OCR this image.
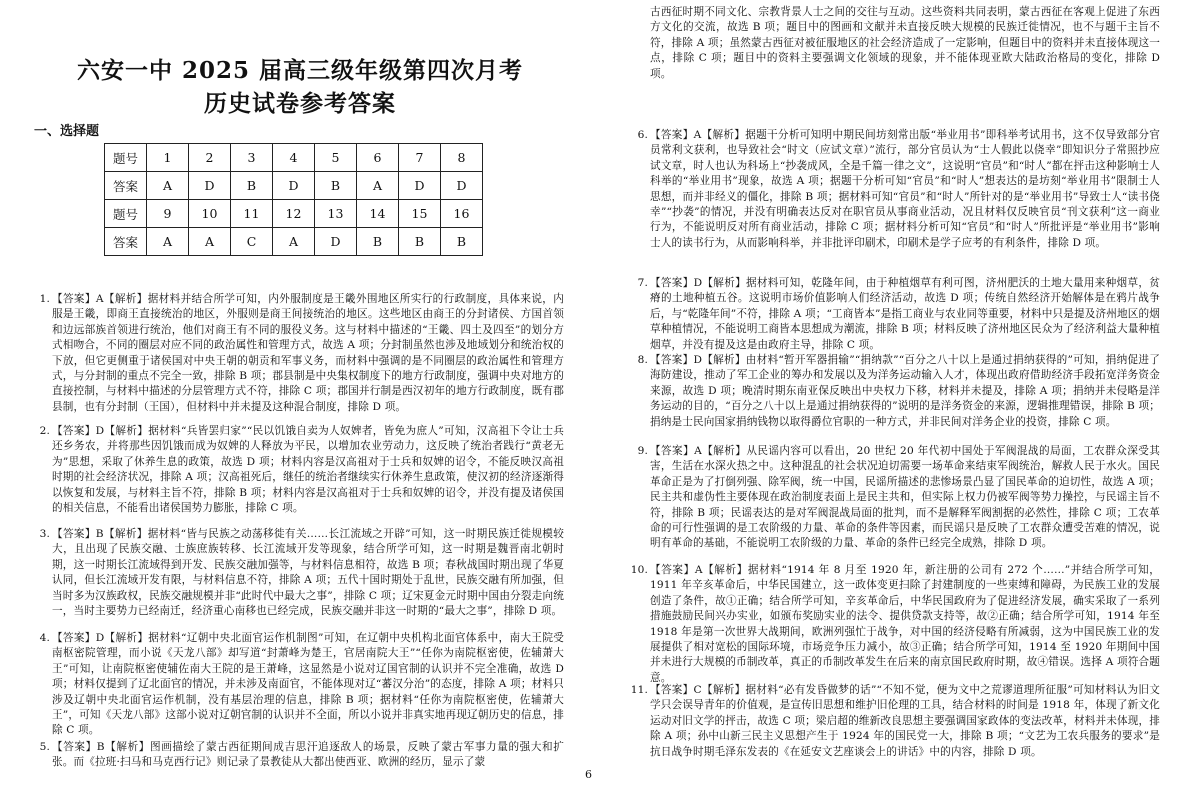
六安一中 2025 届高三级年级第四次月考
历史试卷参考答案
一、选择题
题号	1	2	3	4	5	6	7	8
答案	A	D	B	D	B	A	D	D
题号	9	10	11	12	13	14	15	16
答案	A	A	C	A	D	B	B	B
1. 【答案】A【解析】据材料并结合所学可知，内外服制度是王畿外围地区所实行的行政制度，具体来说，内服是王畿，即商王直接统治的地区，外服则是商王间接统治的地区。这些地区由商王的分封诸侯、方国首领和边远部族首领进行统治，他们对商王有不同的服役义务。这与材料中描述的“王畿、四土及四至”的划分方式相吻合，不同的圈层对应不同的政治属性和管理方式，故选 A 项；分封制虽然也涉及地域划分和统治权的下放，但它更侧重于诸侯国对中央王朝的朝贡和军事义务，而材料中强调的是不同圈层的政治属性和管理方式，与分封制的重点不完全一致，排除 B 项；郡县制是中央集权制度下的地方行政制度，强调中央对地方的直接控制，与材料中描述的分层管理方式不符，排除 C 项；郡国并行制是西汉初年的地方行政制度，既有郡县制，也有分封制（王国），但材料中并未提及这种混合制度，排除 D 项。
2. 【答案】D【解析】据材料“兵皆罢归家”“民以饥饿自卖为人奴婢者，皆免为庶人”可知，汉高祖下令让士兵还乡务农，并将那些因饥饿而成为奴婢的人释放为平民，以增加农业劳动力，这反映了统治者践行“黄老无为”思想，采取了休养生息的政策，故选 D 项；材料内容是汉高祖对于士兵和奴婢的诏令，不能反映汉高祖时期的社会经济状况，排除 A 项；汉高祖死后，继任的统治者继续实行休养生息政策，使汉初的经济逐渐得以恢复和发展，与材料主旨不符，排除 B 项；材料内容是汉高祖对于士兵和奴婢的诏令，并没有提及诸侯国的相关信息，不能看出诸侯国势力膨胀，排除 C 项。
3. 【答案】B【解析】据材料“皆与民族之动荡移徙有关……长江流域之开辟”可知，这一时期民族迁徙规模较大，且出现了民族交融、士族庶族转移、长江流域开发等现象，结合所学可知，这一时期是魏晋南北朝时期，这一时期长江流域得到开发、民族交融加强等，与材料信息相符，故选 B 项；春秋战国时期出现了华夏认同，但长江流域开发有限，与材料信息不符，排除 A 项；五代十国时期处于乱世，民族交融有所加强，但当时多为汉族政权，民族交融规模并非“此时代中最大之事”，排除 C 项；辽宋夏金元时期中国由分裂走向统一，当时主要势力已经南迁，经济重心南移也已经完成，民族交融并非这一时期的“最大之事”，排除 D 项。
4. 【答案】D【解析】据材料“辽朝中央北面官运作机制图”可知，在辽朝中央机构北面官体系中，南大王院受南枢密院管理，而小说《天龙八部》却写道“封萧峰为楚王，官居南院大王”“任你为南院枢密使，佐辅萧大王”可知，让南院枢密使辅佐南大王院的是王萧峰，这显然是小说对辽国官制的认识并不完全准确，故选 D 项；材料仅提到了辽北面官的情况，并未涉及南面官，不能体现对辽“蕃汉分治”的态度，排除 A 项；材料只涉及辽朝中央北面官运作机制，没有基层治理的信息，排除 B 项；据材料“任你为南院枢密使，佐辅萧大王”，可知《天龙八部》这部小说对辽朝官制的认识并不全面，所以小说并非真实地再现辽朝历史的信息，排除 C 项。
5. 【答案】B【解析】图画描绘了蒙古西征期间成吉思汗追逐敌人的场景，反映了蒙古军事力量的强大和扩张。而《拉班·扫马和马克西行记》则记录了景教徒从大都出使西亚、欧洲的经历，显示了蒙
古西征时期不同文化、宗教背景人士之间的交往与互动。这些资料共同表明，蒙古西征在客观上促进了东西方文化的交流，故选 B 项；题目中的图画和文献并未直接反映大规模的民族迁徙情况，也不与题干主旨不符，排除 A 项；虽然蒙古西征对被征服地区的社会经济造成了一定影响，但题目中的资料并未直接体现这一点，排除 C 项；题目中的资料主要强调文化领域的现象，并不能体现亚欧大陆政治格局的变化，排除 D 项。
6. 【答案】A【解析】据题干分析可知明中期民间坊刻常出版“举业用书”即科举考试用书，这不仅导致部分官员常利文获利，也导致社会“时文（应试文章）”流行，部分官员认为“士人假此以侥幸”即知识分子常照抄应试文章，时人也认为科场上“抄袭成风，全是千篇一律之文”，这说明“官员”和“时人”都在抨击这种影响士人科举的“举业用书”现象，故选 A 项；据题干分析可知“官员”和“时人”想表达的是坊刻“举业用书”限制士人思想，而并非经义的僵化，排除 B 项；据材料可知“官员”和“时人”所针对的是“举业用书”导致士人“读书侥幸”“抄袭”的情况，并没有明确表达反对在职官员从事商业活动，况且材料仅反映官员“刊文获利”这一商业行为，不能说明反对所有商业活动，排除 C 项；据材料分析可知“官员”和“时人”所批评是“举业用书”影响士人的读书行为，从而影响科举，并非批评印刷术，印刷术是学子应考的有利条件，排除 D 项。
7. 【答案】D【解析】据材料可知，乾隆年间，由于种植烟草有利可图，济州肥沃的土地大量用来种烟草，贫瘠的土地种植五谷。这说明市场价值影响人们经济活动，故选 D 项；传统自然经济开始解体是在鸦片战争后，与“乾隆年间”不符，排除 A 项；“工商皆本”是指工商业与农业同等重要，材料中只是提及济州地区的烟草种植情况，不能说明工商皆本思想成为潮流，排除 B 项；材料反映了济州地区民众为了经济利益大量种植烟草，并没有提及这是由政府主导，排除 C 项。
8. 【答案】D【解析】由材料“暂开军器捐输”“捐纳款”“百分之八十以上是通过捐纳获得的”可知，捐纳促进了海防建设，推动了军工企业的筹办和发展以及为洋务运动输入人才，体现出政府借助经济手段拓宽洋务资金来源，故选 D 项；晚清时期东南亚保反映出中央权力下移，材料并未提及，排除 A 项；捐纳并未侵略是洋务运动的目的，“百分之八十以上是通过捐纳获得的”说明的是洋务资金的来源，逻辑推理错误，排除 B 项；捐纳是士民向国家捐纳钱物以取得爵位官职的一种方式，并非民间对洋务企业的投资，排除 C 项。
9. 【答案】A【解析】从民谣内容可以看出，20 世纪 20 年代初中国处于军阀混战的局面，工农群众深受其害，生活在水深火热之中。这种混乱的社会状况迫切需要一场革命来结束军阀统治，解救人民于水火。国民革命正是为了打倒列强、除军阀，统一中国，民谣所描述的悲惨场景凸显了国民革命的迫切性，故选 A 项；民主共和虚伪性主要体现在政治制度表面上是民主共和，但实际上权力仍被军阀等势力操控，与民谣主旨不符，排除 B 项；民谣表达的是对军阀混战局面的批判，而不是解释军阀割据的必然性，排除 C 项；工农革命的可行性强调的是工农阶级的力量、革命的条件等因素，而民谣只是反映了工农群众遭受苦难的情况，说明有革命的基础，不能说明工农阶级的力量、革命的条件已经完全成熟，排除 D 项。
10. 【答案】A【解析】据材料“1914 年 8 月至 1920 年，新注册的公司有 272 个……”并结合所学可知，1911 年辛亥革命后，中华民国建立，这一政体变更扫除了封建制度的一些束缚和障碍，为民族工业的发展创造了条件，故①正确；结合所学可知，辛亥革命后，中华民国政府为了促进经济发展，确实采取了一系列措施鼓励民间兴办实业，如颁布奖励实业的法令、提供贷款支持等，故②正确；结合所学可知，1914 年至 1918 年是第一次世界大战期间，欧洲列强忙于战争，对中国的经济侵略有所减弱，这为中国民族工业的发展提供了相对宽松的国际环境，市场竞争压力减小，故③正确；结合所学可知，1914 至 1920 年期间中国并未进行大规模的币制改革，真正的币制改革发生在后来的南京国民政府时期，故④错误。选择 A 项符合题意。
11. 【答案】C【解析】据材料“必有发昏做梦的话”“不知不觉，便为文中之荒谬道理所征服”可知材料认为旧文学只会误导青年的价值观，是宣传旧思想和维护旧伦理的工具，结合材料的时间是 1918 年，体现了新文化运动对旧文学的抨击，故选 C 项；梁启超的维新改良思想主要强调国家政体的变法改革，材料并未体现，排除 A 项；孙中山新三民主义思想产生于 1924 年的国民党一大，排除 B 项；“文艺为工农兵服务的要求”是抗日战争时期毛泽东发表的《在延安文艺座谈会上的讲话》中的内容，排除 D 项。
6
